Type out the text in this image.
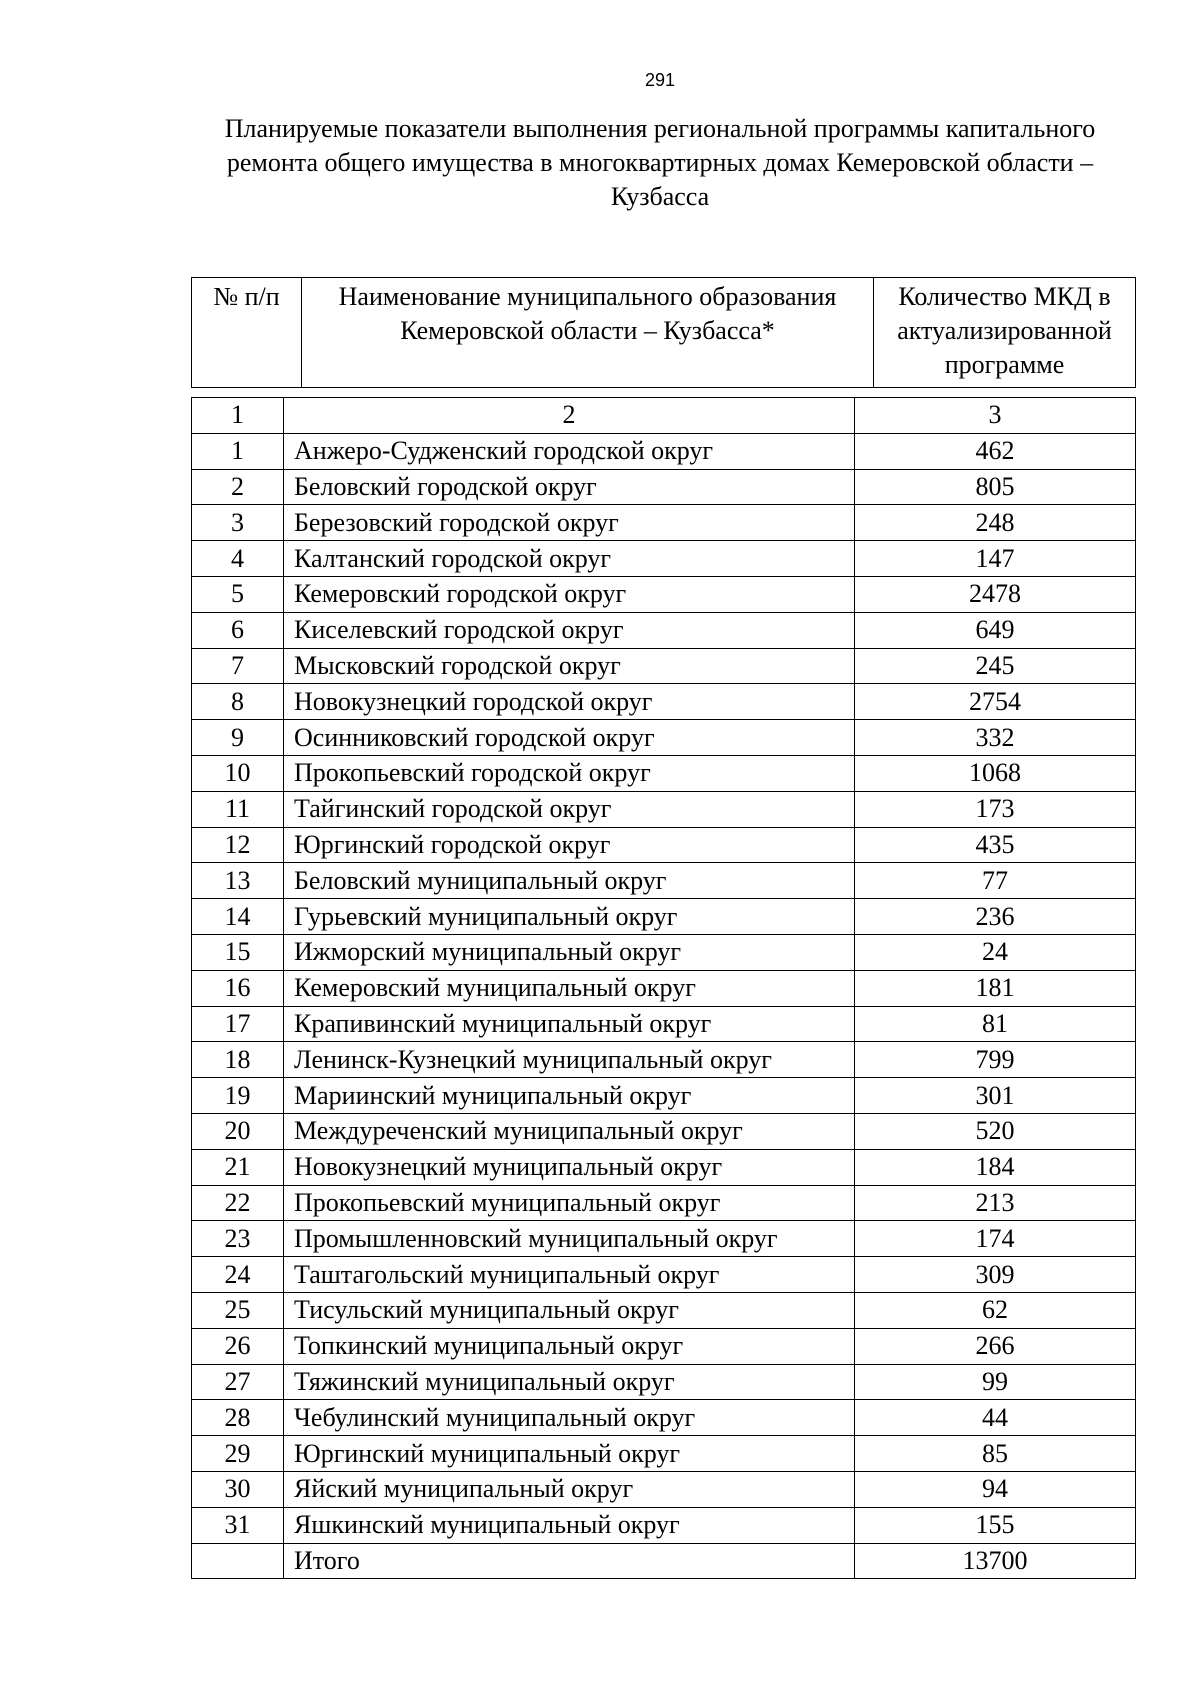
291
Планируемые показатели выполнения региональной программы капитального
ремонта общего имущества в многоквартирных домах Кемеровской области –
Кузбасса
№ п/п	Наименование муниципального образования Кемеровской области – Кузбасса*	Количество МКД в актуализированной программе
1	2	3
1	Анжеро-Судженский городской округ	462
2	Беловский городской округ	805
3	Березовский городской округ	248
4	Калтанский городской округ	147
5	Кемеровский городской округ	2478
6	Киселевский городской округ	649
7	Мысковский городской округ	245
8	Новокузнецкий городской округ	2754
9	Осинниковский городской округ	332
10	Прокопьевский городской округ	1068
11	Тайгинский городской округ	173
12	Юргинский городской округ	435
13	Беловский муниципальный округ	77
14	Гурьевский муниципальный округ	236
15	Ижморский муниципальный округ	24
16	Кемеровский муниципальный округ	181
17	Крапивинский муниципальный округ	81
18	Ленинск-Кузнецкий муниципальный округ	799
19	Мариинский муниципальный округ	301
20	Междуреченский муниципальный округ	520
21	Новокузнецкий муниципальный округ	184
22	Прокопьевский муниципальный округ	213
23	Промышленновский муниципальный округ	174
24	Таштагольский муниципальный округ	309
25	Тисульский муниципальный округ	62
26	Топкинский муниципальный округ	266
27	Тяжинский муниципальный округ	99
28	Чебулинский муниципальный округ	44
29	Юргинский муниципальный округ	85
30	Яйский муниципальный округ	94
31	Яшкинский муниципальный округ	155
	Итого	13700
